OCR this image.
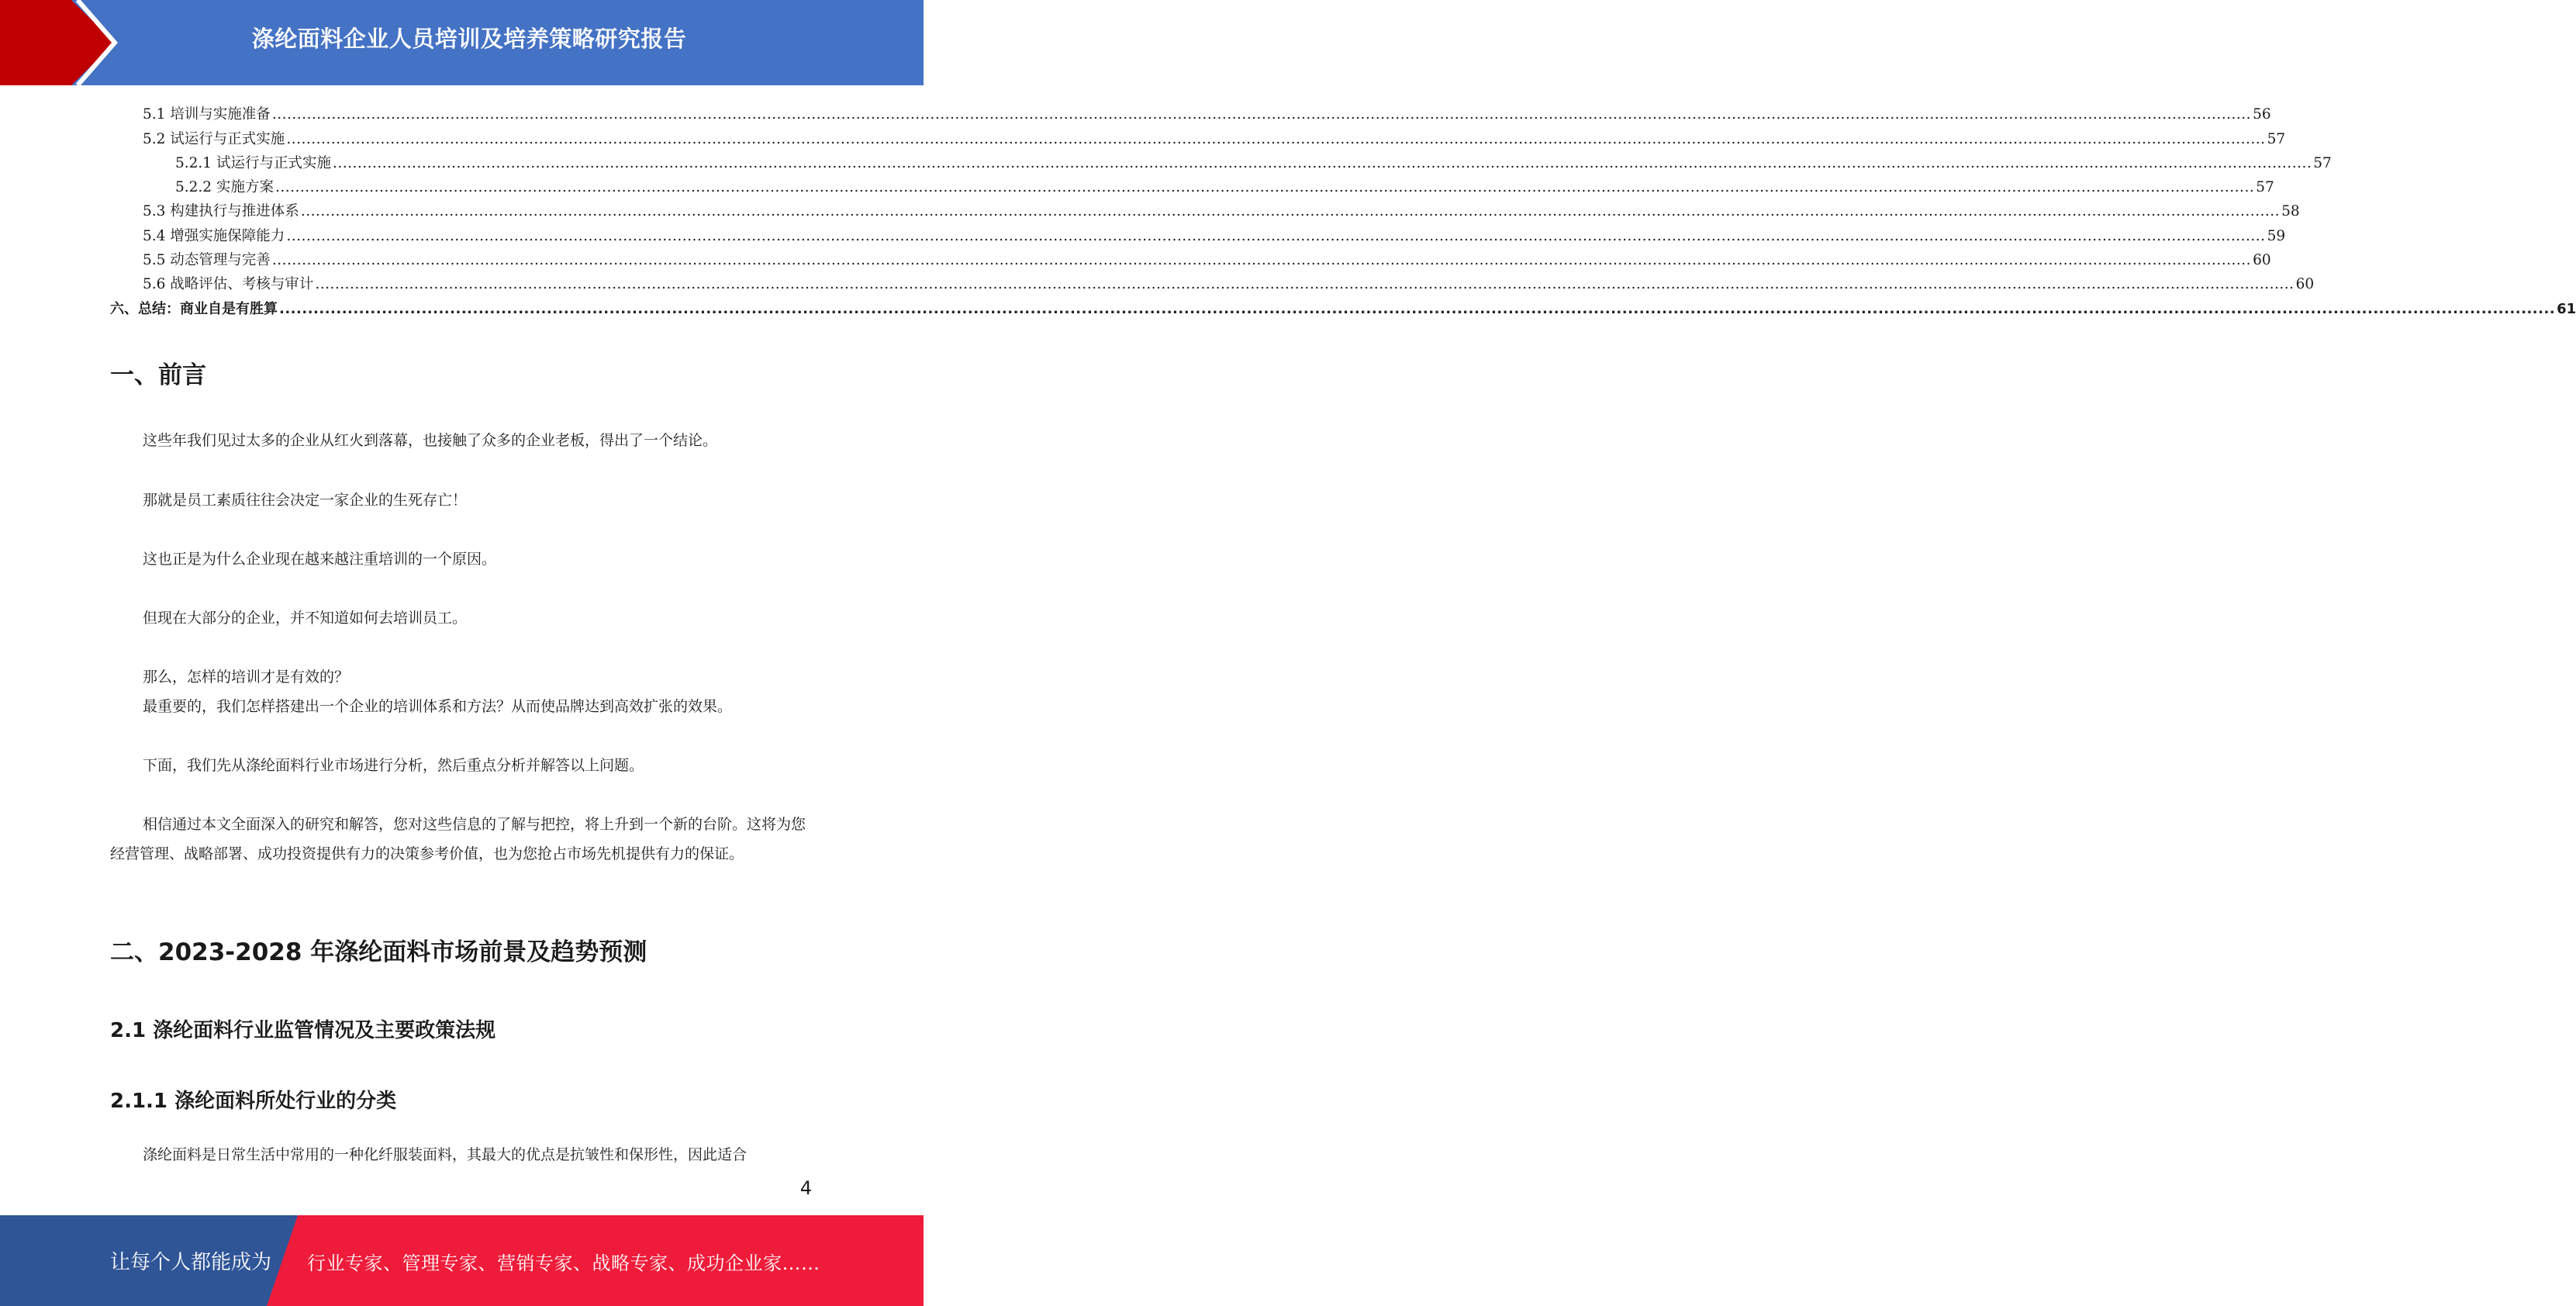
涤纶面料企业人员培训及培养策略研究报告
5.1 培训与实施准备 ................................................................................................................................................................................................................................................................................................................................................................................................................ 56
5.2 试运行与正式实施 ................................................................................................................................................................................................................................................................................................................................................................................................................ 57
5.2.1 试运行与正式实施 ................................................................................................................................................................................................................................................................................................................................................................................................................ 57
5.2.2 实施方案 ................................................................................................................................................................................................................................................................................................................................................................................................................ 57
5.3 构建执行与推进体系 ................................................................................................................................................................................................................................................................................................................................................................................................................ 58
5.4 增强实施保障能力 ................................................................................................................................................................................................................................................................................................................................................................................................................ 59
5.5 动态管理与完善 ................................................................................................................................................................................................................................................................................................................................................................................................................ 60
5.6 战略评估、考核与审计 ................................................................................................................................................................................................................................................................................................................................................................................................................ 60
六、总结：商业自是有胜算 ................................................................................................................................................................................................................................................................................................................................................................................................................ 61
一、前言

这些年我们见过太多的企业从红火到落幕，也接触了众多的企业老板，得出了一个结论。

那就是员工素质往往会决定一家企业的生死存亡！

这也正是为什么企业现在越来越注重培训的一个原因。

但现在大部分的企业，并不知道如何去培训员工。

那么，怎样的培训才是有效的？

最重要的，我们怎样搭建出一个企业的培训体系和方法？从而使品牌达到高效扩张的效果。

下面，我们先从涤纶面料行业市场进行分析，然后重点分析并解答以上问题。

相信通过本文全面深入的研究和解答，您对这些信息的了解与把控，将上升到一个新的台阶。这将为您经营管理、战略部署、成功投资提供有力的决策参考价值，也为您抢占市场先机提供有力的保证。

二、2023-2028 年涤纶面料市场前景及趋势预测
2.1 涤纶面料行业监管情况及主要政策法规
2.1.1 涤纶面料所处行业的分类

涤纶面料是日常生活中常用的一种化纤服装面料，其最大的优点是抗皱性和保形性，因此适合

4
让每个人都能成为 行业专家、管理专家、营销专家、战略专家、成功企业家……
